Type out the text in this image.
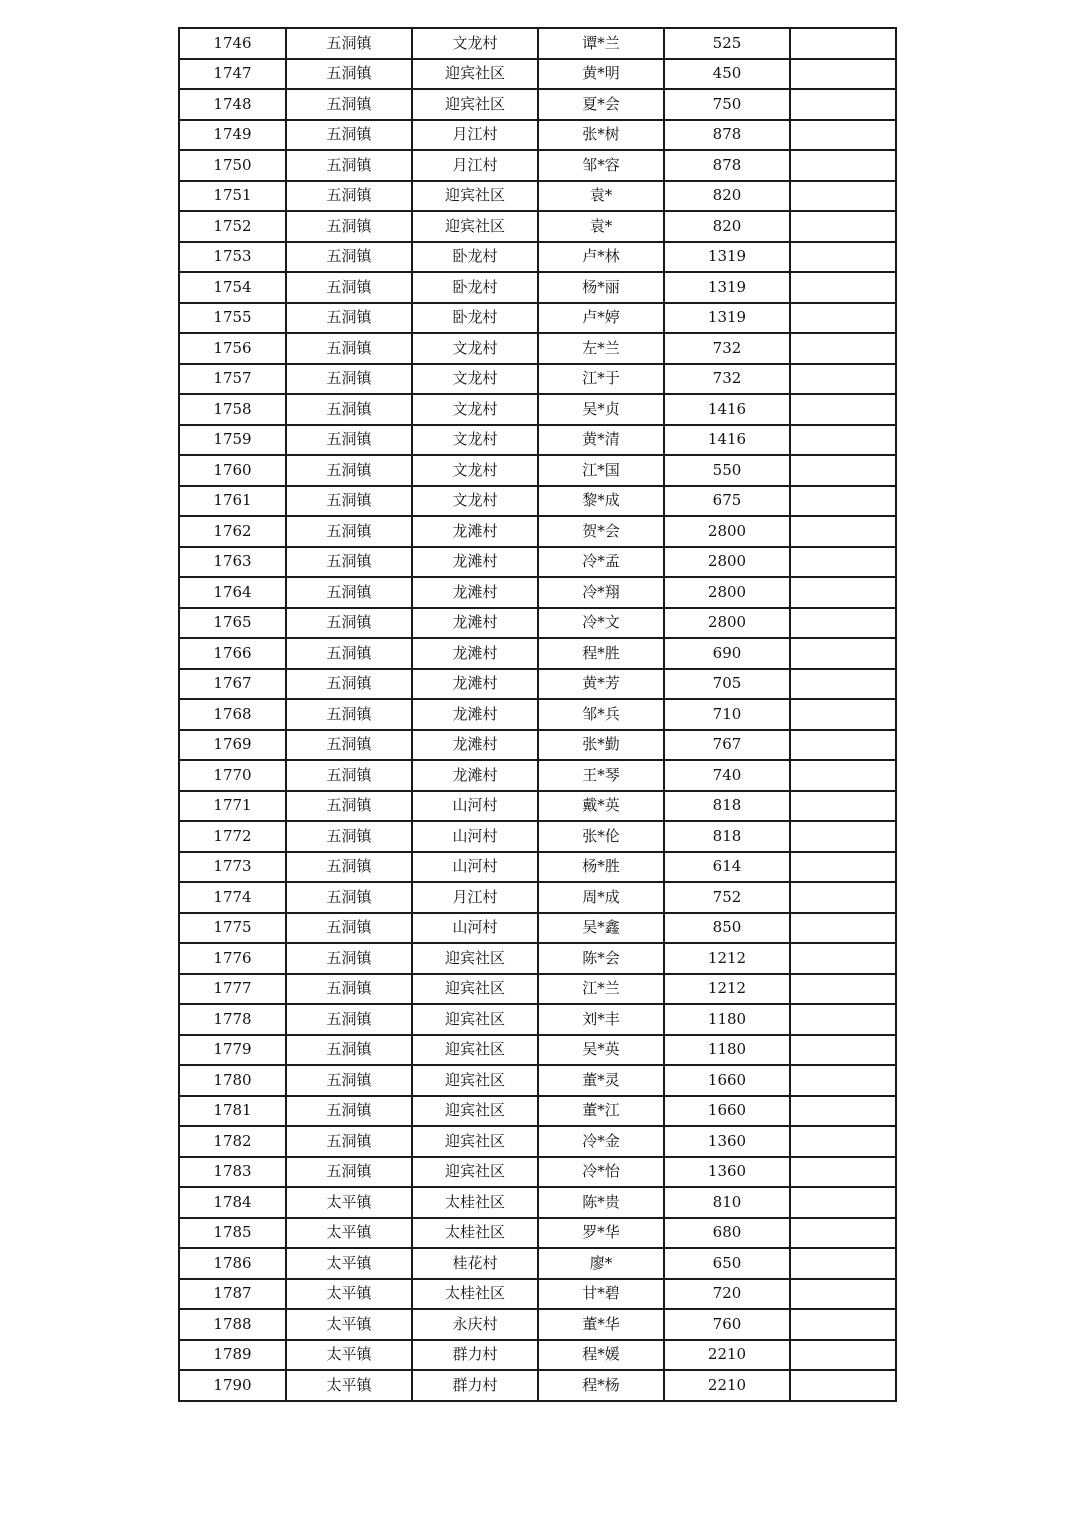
1746	五洞镇	文龙村	谭*兰	525	
1747	五洞镇	迎宾社区	黄*明	450	
1748	五洞镇	迎宾社区	夏*会	750	
1749	五洞镇	月江村	张*树	878	
1750	五洞镇	月江村	邹*容	878	
1751	五洞镇	迎宾社区	袁*	820	
1752	五洞镇	迎宾社区	袁*	820	
1753	五洞镇	卧龙村	卢*林	1319	
1754	五洞镇	卧龙村	杨*丽	1319	
1755	五洞镇	卧龙村	卢*婷	1319	
1756	五洞镇	文龙村	左*兰	732	
1757	五洞镇	文龙村	江*于	732	
1758	五洞镇	文龙村	吴*贞	1416	
1759	五洞镇	文龙村	黄*清	1416	
1760	五洞镇	文龙村	江*国	550	
1761	五洞镇	文龙村	黎*成	675	
1762	五洞镇	龙滩村	贺*会	2800	
1763	五洞镇	龙滩村	冷*孟	2800	
1764	五洞镇	龙滩村	冷*翔	2800	
1765	五洞镇	龙滩村	冷*文	2800	
1766	五洞镇	龙滩村	程*胜	690	
1767	五洞镇	龙滩村	黄*芳	705	
1768	五洞镇	龙滩村	邹*兵	710	
1769	五洞镇	龙滩村	张*勤	767	
1770	五洞镇	龙滩村	王*琴	740	
1771	五洞镇	山河村	戴*英	818	
1772	五洞镇	山河村	张*伦	818	
1773	五洞镇	山河村	杨*胜	614	
1774	五洞镇	月江村	周*成	752	
1775	五洞镇	山河村	吴*鑫	850	
1776	五洞镇	迎宾社区	陈*会	1212	
1777	五洞镇	迎宾社区	江*兰	1212	
1778	五洞镇	迎宾社区	刘*丰	1180	
1779	五洞镇	迎宾社区	吴*英	1180	
1780	五洞镇	迎宾社区	董*灵	1660	
1781	五洞镇	迎宾社区	董*江	1660	
1782	五洞镇	迎宾社区	冷*金	1360	
1783	五洞镇	迎宾社区	冷*怡	1360	
1784	太平镇	太桂社区	陈*贵	810	
1785	太平镇	太桂社区	罗*华	680	
1786	太平镇	桂花村	廖*	650	
1787	太平镇	太桂社区	甘*碧	720	
1788	太平镇	永庆村	董*华	760	
1789	太平镇	群力村	程*媛	2210	
1790	太平镇	群力村	程*杨	2210	
